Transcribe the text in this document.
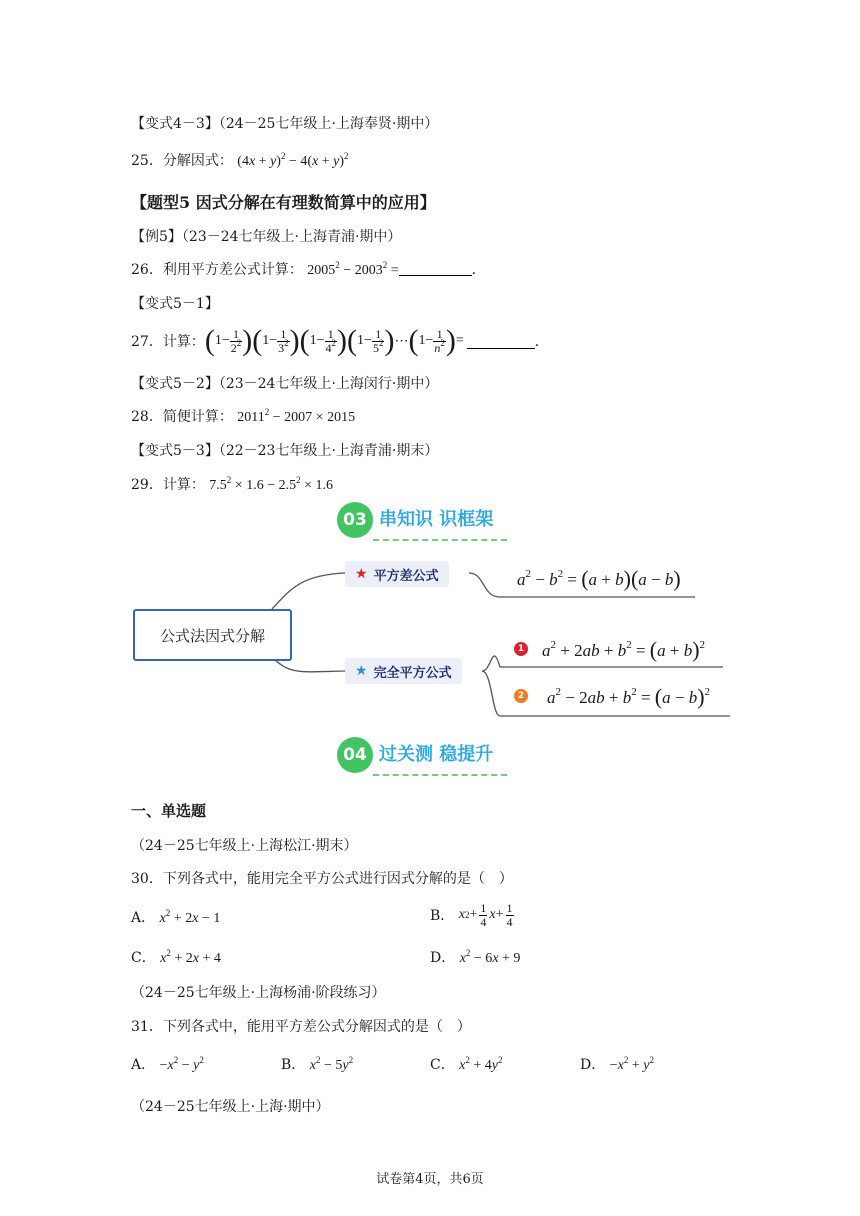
【变式4－3】（24－25七年级上·上海奉贤·期中）
25．分解因式： $(4x + y)^2 - 4(x + y)^2$
【题型5 因式分解在有理数简算中的应用】
【例5】（23－24七年级上·上海青浦·期中）
26．利用平方差公式计算： $2005^2 - 2003^2$ =	．
【变式5－1】
27． 计算： ( $1- \frac{1}{2^2}$ ) ( $1- \frac{1}{3^2}$ ) ( $1- \frac{1}{4^2}$ ) ( $1- \frac{1}{5^2}$ ) ⋯ ( $1- \frac{1}{n^2}$ ) =	．
【变式5－2】（23－24七年级上·上海闵行·期中）
28．简便计算： $2011^2 - 2007 \times 2015$
【变式5－3】（22－23七年级上·上海青浦·期末）
29．计算： $7.5^2 \times 1.6 - 2.5^2 \times 1.6$
03 串知识 识框架
公式法因式分解
★ 平方差公式
★ 完全平方公式
$a^2 - b^2 = (a + b)(a - b)$
1 $a^2 + 2ab + b^2 = (a + b)^2$
2 $a^2 - 2ab + b^2 = (a - b)^2$
04 过关测 稳提升
一、单选题
（24－25七年级上·上海松江·期末）
30．下列各式中，能用完全平方公式进行因式分解的是（　）
A． $x^2 + 2x - 1$	B．
x $2 + \frac{1}{4}$ $x + \frac{1}{4}$
C． $x^2 + 2x + 4$	D． $x^2 - 6x + 9$
（24－25七年级上·上海杨浦·阶段练习）
31．下列各式中，能用平方差公式分解因式的是（　）
A． $-x^2 - y^2$	B． $x^2 - 5y^2$	C． $x^2 + 4y^2$	D． $-x^2 + y^2$
（24－25七年级上·上海·期中）
试卷第4页，共6页
